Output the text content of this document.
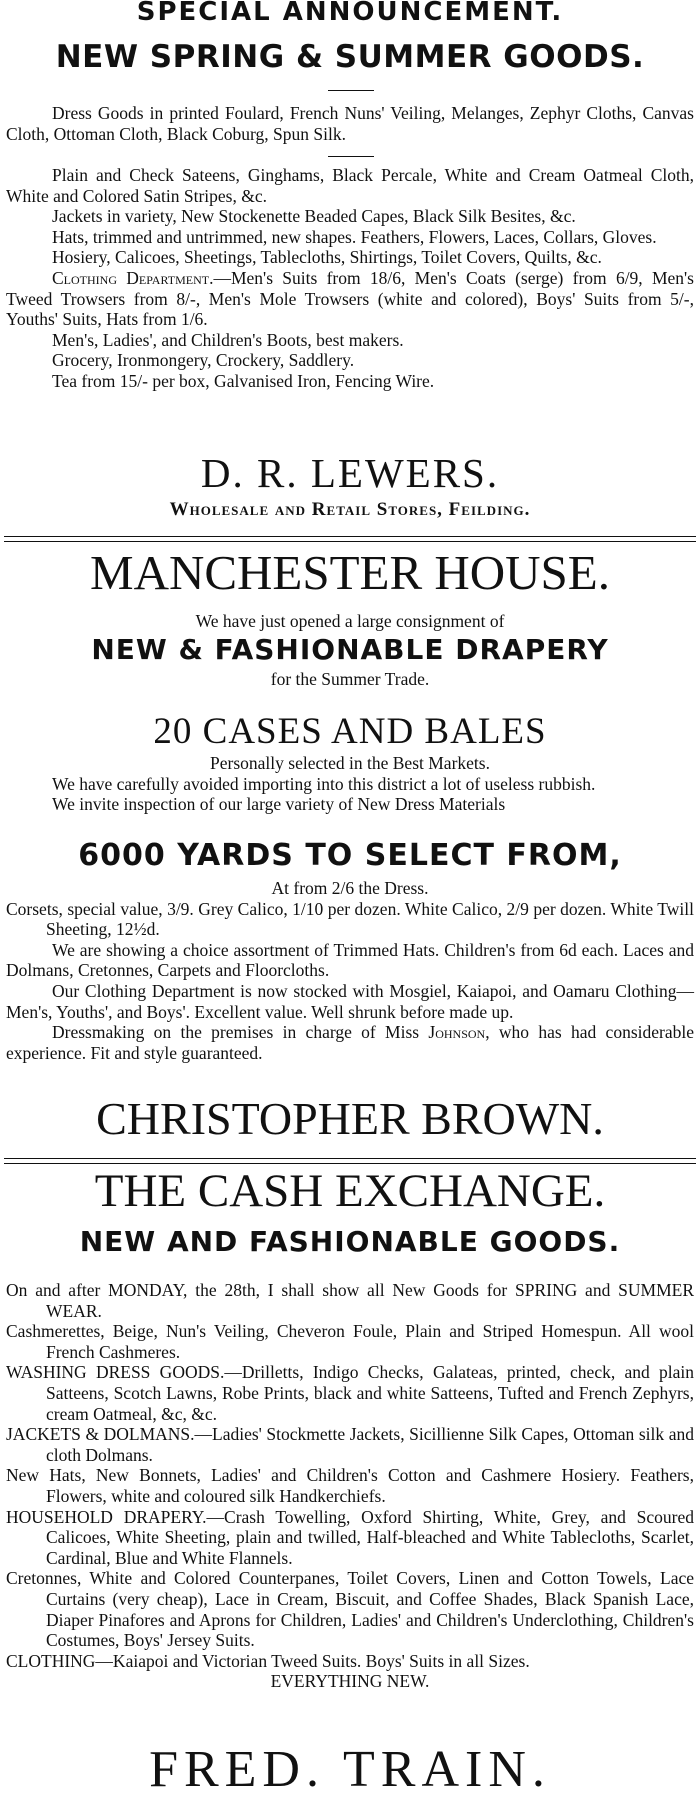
SPECIAL ANNOUNCEMENT.
NEW SPRING & SUMMER GOODS.

Dress Goods in printed Foulard, French Nuns' Veiling, Melanges, Zephyr Cloths, Canvas Cloth, Ottoman Cloth, Black Coburg, Spun Silk.

Plain and Check Sateens, Ginghams, Black Percale, White and Cream Oatmeal Cloth, White and Colored Satin Stripes, &c.

Jackets in variety, New Stockenette Beaded Capes, Black Silk Besites, &c.

Hats, trimmed and untrimmed, new shapes. Feathers, Flowers, Laces, Collars, Gloves.

Hosiery, Calicoes, Sheetings, Tablecloths, Shirtings, Toilet Covers, Quilts, &c.

Clothing Department.—Men's Suits from 18/6, Men's Coats (serge) from 6/9, Men's Tweed Trowsers from 8/-, Men's Mole Trowsers (white and colored), Boys' Suits from 5/-, Youths' Suits, Hats from 1/6.

Men's, Ladies', and Children's Boots, best makers.

Grocery, Ironmongery, Crockery, Saddlery.

Tea from 15/- per box, Galvanised Iron, Fencing Wire.

D. R. LEWERS.
Wholesale and Retail Stores, Feilding.
MANCHESTER HOUSE.

We have just opened a large consignment of

NEW & FASHIONABLE DRAPERY

for the Summer Trade.

20 CASES AND BALES

Personally selected in the Best Markets.

We have carefully avoided importing into this district a lot of useless rubbish.

We invite inspection of our large variety of New Dress Materials

6000 YARDS TO SELECT FROM,

At from 2/6 the Dress.

Corsets, special value, 3/9. Grey Calico, 1/10 per dozen. White Calico, 2/9 per dozen. White Twill Sheeting, 12½d.

We are showing a choice assortment of Trimmed Hats. Children's from 6d each. Laces and Dolmans, Cretonnes, Carpets and Floorcloths.

Our Clothing Department is now stocked with Mosgiel, Kaiapoi, and Oamaru Clothing—Men's, Youths', and Boys'. Excellent value. Well shrunk before made up.

Dressmaking on the premises in charge of Miss Johnson, who has had considerable experience. Fit and style guaranteed.

CHRISTOPHER BROWN.
THE CASH EXCHANGE.
NEW AND FASHIONABLE GOODS.

On and after MONDAY, the 28th, I shall show all New Goods for SPRING and SUMMER WEAR.

Cashmerettes, Beige, Nun's Veiling, Cheveron Foule, Plain and Striped Homespun. All wool French Cashmeres.

WASHING DRESS GOODS.—Drilletts, Indigo Checks, Galateas, printed, check, and plain Satteens, Scotch Lawns, Robe Prints, black and white Satteens, Tufted and French Zephyrs, cream Oatmeal, &c, &c.

JACKETS & DOLMANS.—Ladies' Stockmette Jackets, Sicillienne Silk Capes, Ottoman silk and cloth Dolmans.

New Hats, New Bonnets, Ladies' and Children's Cotton and Cashmere Hosiery. Feathers, Flowers, white and coloured silk Handkerchiefs.

HOUSEHOLD DRAPERY.—Crash Towelling, Oxford Shirting, White, Grey, and Scoured Calicoes, White Sheeting, plain and twilled, Half-bleached and White Tablecloths, Scarlet, Cardinal, Blue and White Flannels.

Cretonnes, White and Colored Counterpanes, Toilet Covers, Linen and Cotton Towels, Lace Curtains (very cheap), Lace in Cream, Biscuit, and Coffee Shades, Black Spanish Lace, Diaper Pinafores and Aprons for Children, Ladies' and Children's Underclothing, Children's Costumes, Boys' Jersey Suits.

CLOTHING—Kaiapoi and Victorian Tweed Suits. Boys' Suits in all Sizes.

EVERYTHING NEW.

FRED. TRAIN.
